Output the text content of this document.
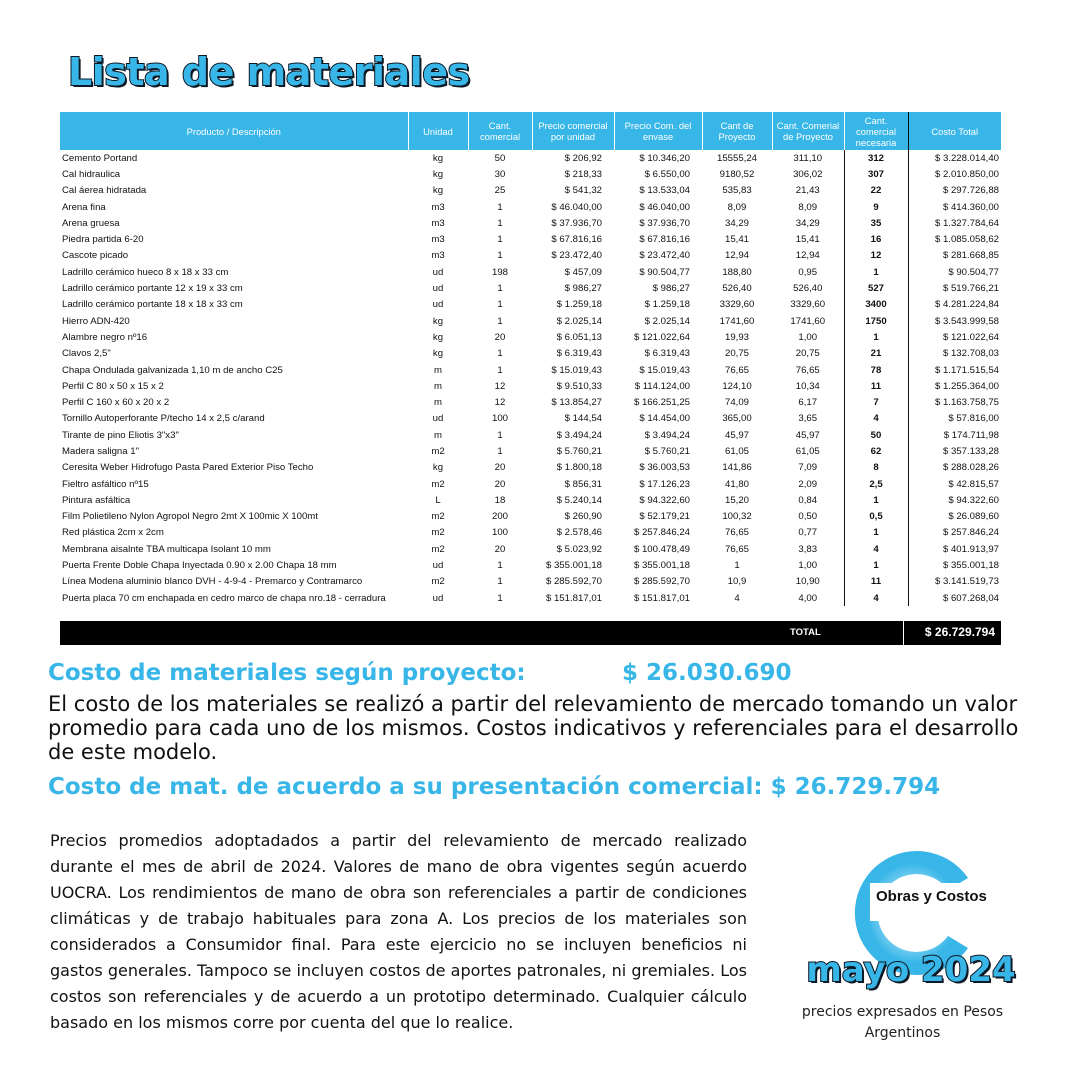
Lista de materiales
Producto / Descripción	Unidad	Cant. comercial	Precio comercial por unidad	Precio Com. del envase	Cant de Proyecto	Cant. Comerial de Proyecto	Cant. comercial necesaria	Costo Total
Cemento Portand	kg	50	$ 206,92	$ 10.346,20	15555,24	311,10	312	$ 3.228.014,40
Cal hidraulica	kg	30	$ 218,33	$ 6.550,00	9180,52	306,02	307	$ 2.010.850,00
Cal áerea hidratada	kg	25	$ 541,32	$ 13.533,04	535,83	21,43	22	$ 297.726,88
Arena fina	m3	1	$ 46.040,00	$ 46.040,00	8,09	8,09	9	$ 414.360,00
Arena gruesa	m3	1	$ 37.936,70	$ 37.936,70	34,29	34,29	35	$ 1.327.784,64
Piedra partida 6-20	m3	1	$ 67.816,16	$ 67.816,16	15,41	15,41	16	$ 1.085.058,62
Cascote picado	m3	1	$ 23.472,40	$ 23.472,40	12,94	12,94	12	$ 281.668,85
Ladrillo cerámico hueco 8 x 18 x 33 cm	ud	198	$ 457,09	$ 90.504,77	188,80	0,95	1	$ 90.504,77
Ladrillo cerámico portante 12 x 19 x 33 cm	ud	1	$ 986,27	$ 986,27	526,40	526,40	527	$ 519.766,21
Ladrillo cerámico portante 18 x 18 x 33 cm	ud	1	$ 1.259,18	$ 1.259,18	3329,60	3329,60	3400	$ 4.281.224,84
Hierro ADN-420	kg	1	$ 2.025,14	$ 2.025,14	1741,60	1741,60	1750	$ 3.543.999,58
Alambre negro nº16	kg	20	$ 6.051,13	$ 121.022,64	19,93	1,00	1	$ 121.022,64
Clavos 2,5"	kg	1	$ 6.319,43	$ 6.319,43	20,75	20,75	21	$ 132.708,03
Chapa Ondulada galvanizada 1,10 m de ancho C25	m	1	$ 15.019,43	$ 15.019,43	76,65	76,65	78	$ 1.171.515,54
Perfil C 80 x 50 x 15 x 2	m	12	$ 9.510,33	$ 114.124,00	124,10	10,34	11	$ 1.255.364,00
Perfil C 160 x 60 x 20 x 2	m	12	$ 13.854,27	$ 166.251,25	74,09	6,17	7	$ 1.163.758,75
Tornillo Autoperforante P/techo 14 x 2,5 c/arand	ud	100	$ 144,54	$ 14.454,00	365,00	3,65	4	$ 57.816,00
Tirante de pino Eliotis 3"x3"	m	1	$ 3.494,24	$ 3.494,24	45,97	45,97	50	$ 174.711,98
Madera saligna 1"	m2	1	$ 5.760,21	$ 5.760,21	61,05	61,05	62	$ 357.133,28
Ceresita Weber Hidrofugo Pasta Pared Exterior Piso Techo	kg	20	$ 1.800,18	$ 36.003,53	141,86	7,09	8	$ 288.028,26
Fieltro asfáltico nº15	m2	20	$ 856,31	$ 17.126,23	41,80	2,09	2,5	$ 42.815,57
Pintura asfáltica	L	18	$ 5.240,14	$ 94.322,60	15,20	0,84	1	$ 94.322,60
Film Polietileno Nylon Agropol Negro 2mt X 100mic X 100mt	m2	200	$ 260,90	$ 52.179,21	100,32	0,50	0,5	$ 26.089,60
Red plástica 2cm x 2cm	m2	100	$ 2.578,46	$ 257.846,24	76,65	0,77	1	$ 257.846,24
Membrana aisalnte TBA multicapa Isolant 10 mm	m2	20	$ 5.023,92	$ 100.478,49	76,65	3,83	4	$ 401.913,97
Puerta Frente Doble Chapa Inyectada 0.90 x 2.00 Chapa 18 mm	ud	1	$ 355.001,18	$ 355.001,18	1	1,00	1	$ 355.001,18
Línea Modena aluminio blanco DVH - 4-9-4 - Premarco y Contramarco	m2	1	$ 285.592,70	$ 285.592,70	10,9	10,90	11	$ 3.141.519,73
Puerta placa 70 cm enchapada en cedro marco de chapa nro.18 - cerradura	ud	1	$ 151.817,01	$ 151.817,01	4	4,00	4	$ 607.268,04
TOTAL	$ 26.729.794
Costo de materiales según proyecto:	$ 26.030.690
El costo de los materiales se realizó a partir del relevamiento de mercado tomando un valor promedio para cada uno de los mismos. Costos indicativos y referenciales para el desarrollo de este modelo.
Costo de mat. de acuerdo a su presentación comercial: $ 26.729.794
Precios promedios adoptadados a partir del relevamiento de mercado realizado durante el mes de abril de 2024. Valores de mano de obra vigentes según acuerdo UOCRA. Los rendimientos de mano de obra son referenciales a partir de condiciones climáticas y de trabajo habituales para zona A. Los precios de los materiales son considerados a Consumidor final. Para este ejercicio no se incluyen beneficios ni gastos generales. Tampoco se incluyen costos de aportes patronales, ni gremiales. Los costos son referenciales y de acuerdo a un prototipo determinado. Cualquier cálculo basado en los mismos corre por cuenta del que lo realice.
Obras y Costos
mayo 2024
precios expresados en Pesos Argentinos
